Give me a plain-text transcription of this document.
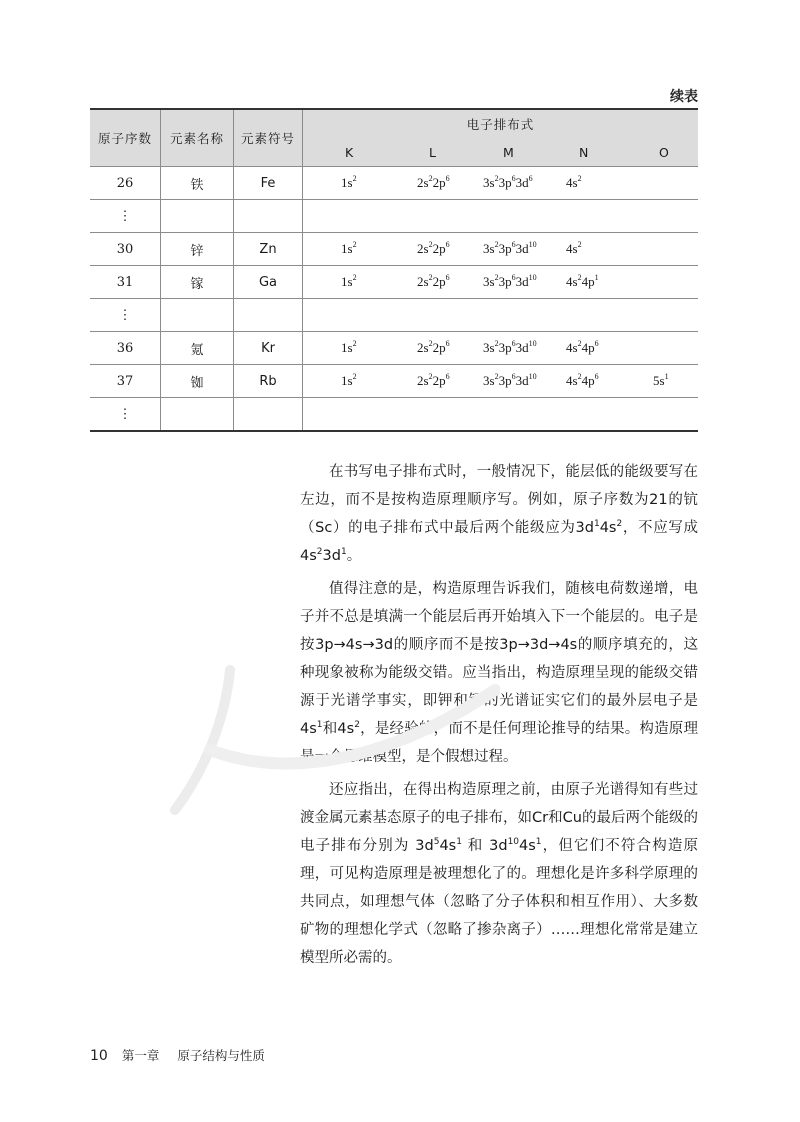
续表
原子序数	元素名称	元素符号	电子排布式

			K L M N O

26	铁	Fe	$1s^2$ $2s^22p^6$ $3s^23p^63d^6$ $4s^2$

⋮			

30	锌	Zn	$1s^2$ $2s^22p^6$ $3s^23p^63d^{10}$ $4s^2$

31	镓	Ga	$1s^2$ $2s^22p^6$ $3s^23p^63d^{10}$ $4s^24p^1$

⋮			

36	氪	Kr	$1s^2$ $2s^22p^6$ $3s^23p^63d^{10}$ $4s^24p^6$

37	铷	Rb	$1s^2$ $2s^22p^6$ $3s^23p^63d^{10}$ $4s^24p^6$ $5s^1$

⋮			

在书写电子排布式时，一般情况下，能层低的能级要写在左边，而不是按构造原理顺序写。例如，原子序数为21的钪（Sc）的电子排布式中最后两个能级应为$3d^14s^2$，不应写成$4s^23d^1$。

值得注意的是，构造原理告诉我们，随核电荷数递增，电子并不总是填满一个能层后再开始填入下一个能层的。电子是按3p→4s→3d的顺序而不是按3p→3d→4s的顺序填充的，这种现象被称为能级交错。应当指出，构造原理呈现的能级交错源于光谱学事实，即钾和钙的光谱证实它们的最外层电子是$4s^1$和$4s^2$，是经验的，而不是任何理论推导的结果。构造原理是一个思维模型，是个假想过程。

还应指出，在得出构造原理之前，由原子光谱得知有些过渡金属元素基态原子的电子排布，如Cr和Cu的最后两个能级的电子排布分别为 $3d^54s^1$ 和 $3d^{10}4s^1$，但它们不符合构造原理，可见构造原理是被理想化了的。理想化是许多科学原理的共同点，如理想气体（忽略了分子体积和相互作用）、大多数矿物的理想化学式（忽略了掺杂离子）……理想化常常是建立模型所必需的。

10 第一章 原子结构与性质
